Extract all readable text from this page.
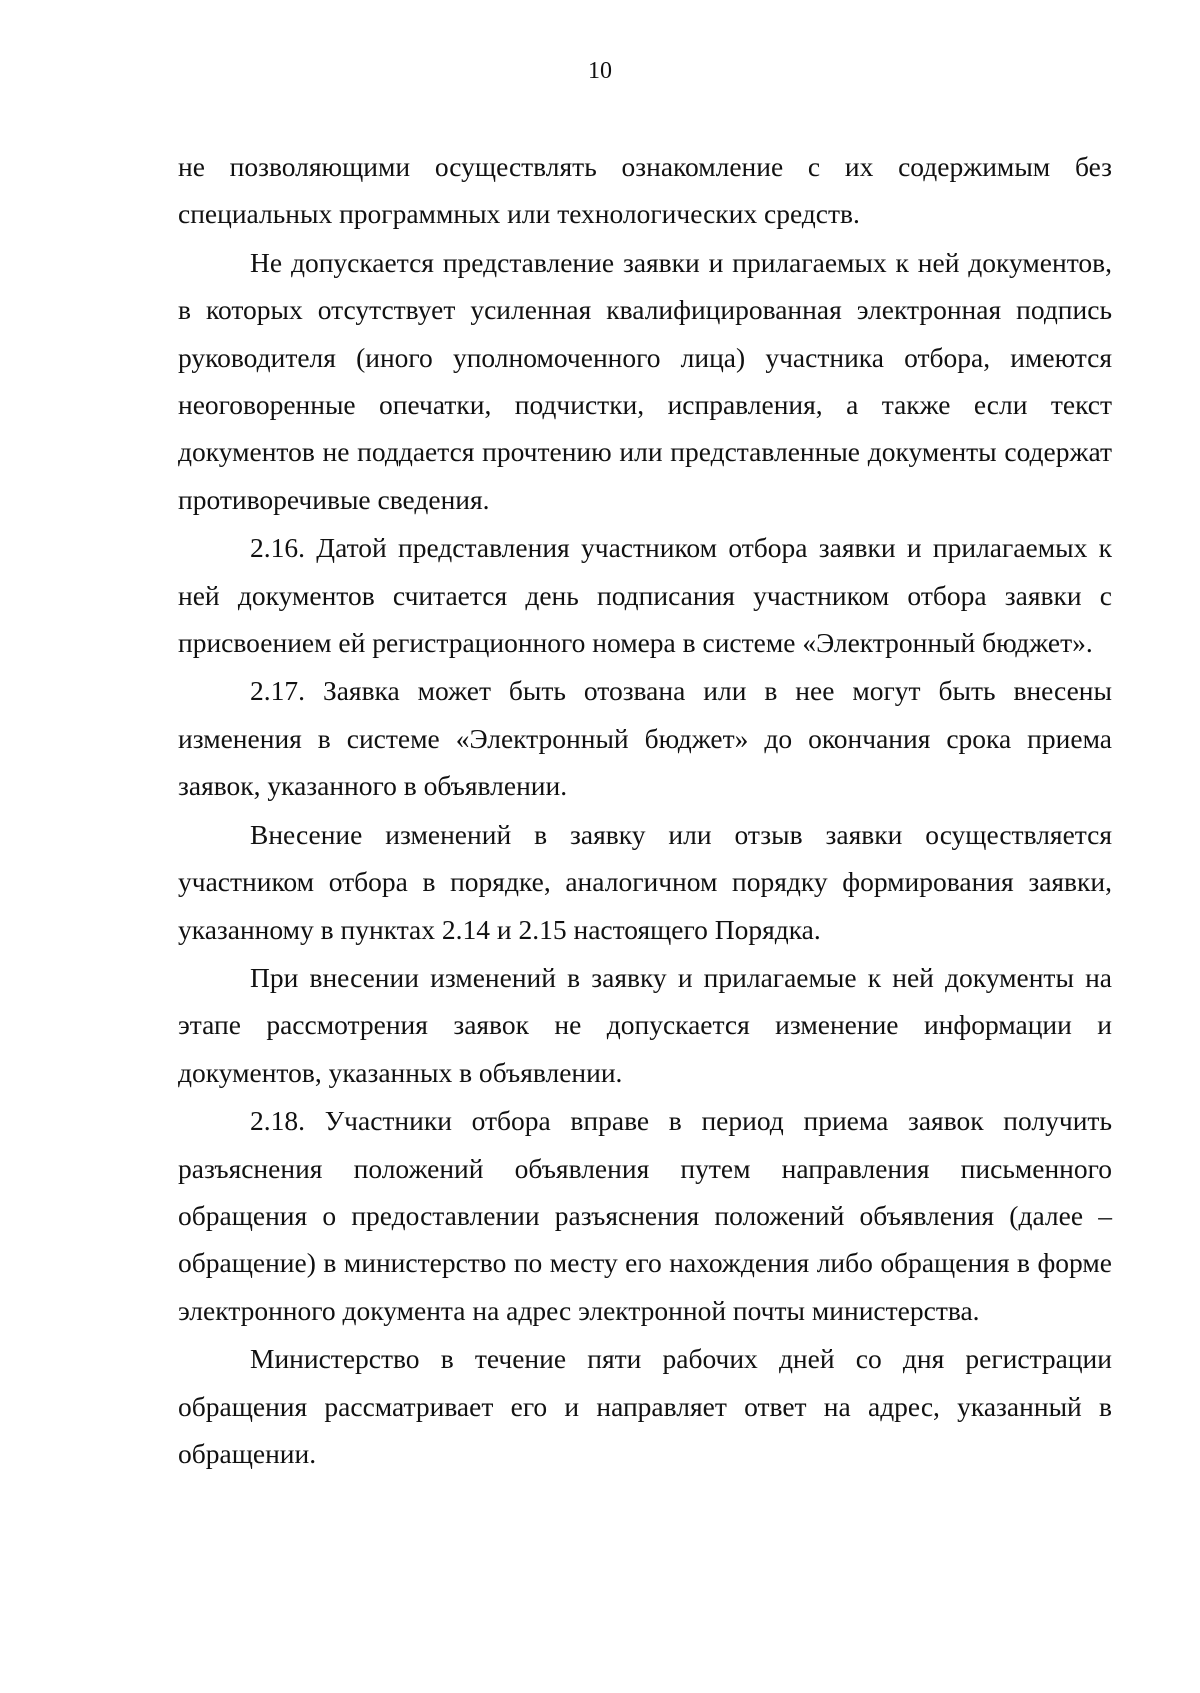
10

не позволяющими осуществлять ознакомление с их содержимым без специальных программных или технологических средств.

Не допускается представление заявки и прилагаемых к ней документов, в которых отсутствует усиленная квалифицированная электронная подпись руководителя (иного уполномоченного лица) участника отбора, имеются неоговоренные опечатки, подчистки, исправления, а также если текст документов не поддается прочтению или представленные документы содержат противоречивые сведения.

2.16. Датой представления участником отбора заявки и прилагаемых к ней документов считается день подписания участником отбора заявки с присвоением ей регистрационного номера в системе «Электронный бюджет».

2.17. Заявка может быть отозвана или в нее могут быть внесены изменения в системе «Электронный бюджет» до окончания срока приема заявок, указанного в объявлении.

Внесение изменений в заявку или отзыв заявки осуществляется участником отбора в порядке, аналогичном порядку формирования заявки, указанному в пунктах 2.14 и 2.15 настоящего Порядка.

При внесении изменений в заявку и прилагаемые к ней документы на этапе рассмотрения заявок не допускается изменение информации и документов, указанных в объявлении.

2.18. Участники отбора вправе в период приема заявок получить разъяснения положений объявления путем направления письменного обращения о предоставлении разъяснения положений объявления (далее – обращение) в министерство по месту его нахождения либо обращения в форме электронного документа на адрес электронной почты министерства.

Министерство в течение пяти рабочих дней со дня регистрации обращения рассматривает его и направляет ответ на адрес, указанный в обращении.
